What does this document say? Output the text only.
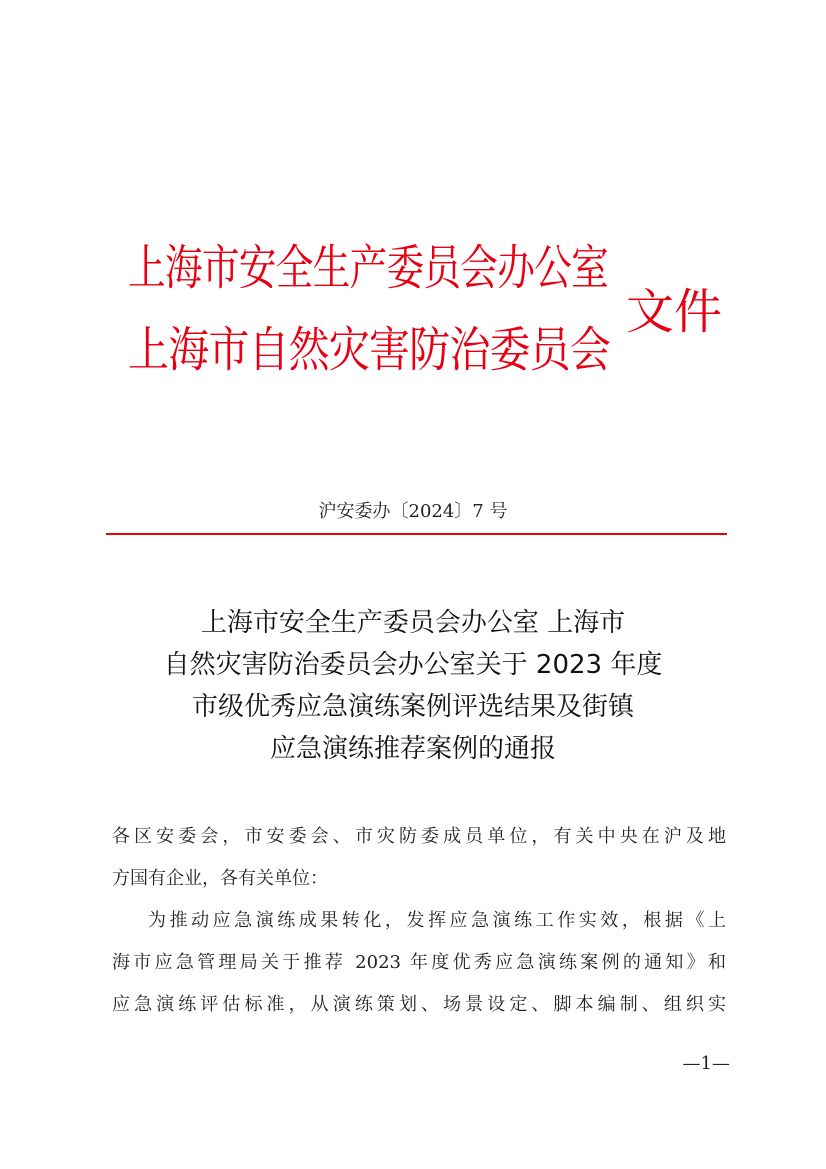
上海市安全生产委员会办公室
上海市自然灾害防治委员会
文件
沪安委办〔2024〕7 号
上海市安全生产委员会办公室 上海市
自然灾害防治委员会办公室关于 2023 年度
市级优秀应急演练案例评选结果及街镇
应急演练推荐案例的通报
各区安委会，市安委会、市灾防委成员单位，有关中央在沪及地
方国有企业，各有关单位：
为推动应急演练成果转化，发挥应急演练工作实效，根据《上
海市应急管理局关于推荐 2023 年度优秀应急演练案例的通知》和
应急演练评估标准，从演练策划、场景设定、脚本编制、组织实
—1—
